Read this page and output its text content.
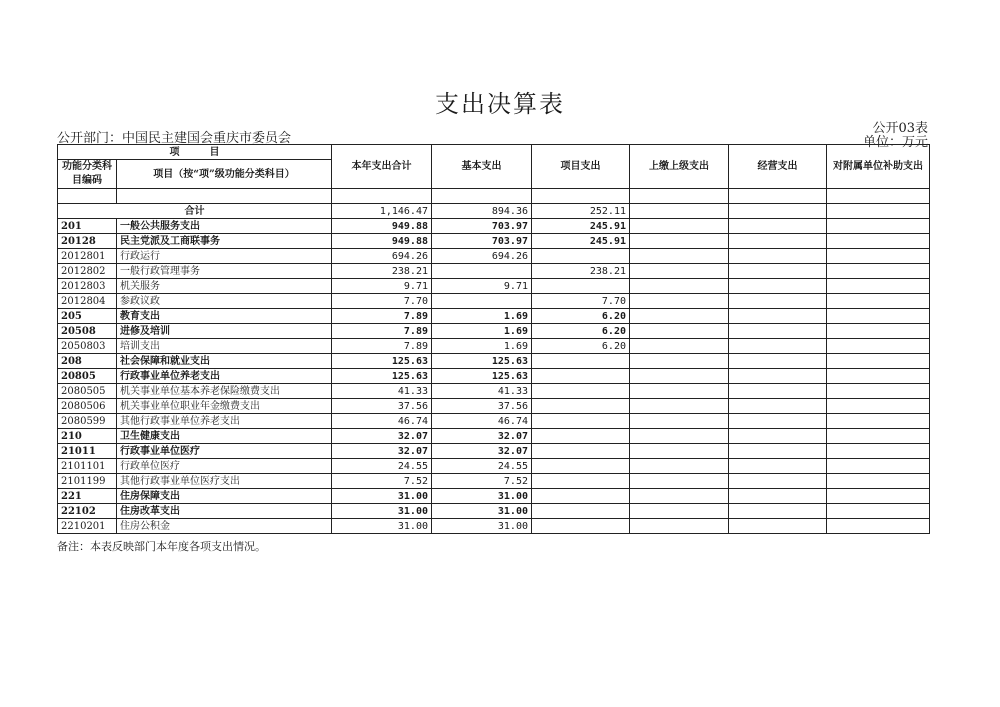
支出决算表
公开部门：中国民主建国会重庆市委员会
公开03表
单位：万元
项　　　目		本年支出合计	基本支出	项目支出	上缴上级支出	经营支出	对附属单位补助支出
功能分类科目编码	项目（按“项”级功能分类科目）						

合计		1,146.47	894.36	252.11			
201	一般公共服务支出	949.88	703.97	245.91			
20128	民主党派及工商联事务	949.88	703.97	245.91			
2012801	行政运行	694.26	694.26				
2012802	一般行政管理事务	238.21		238.21			
2012803	机关服务	9.71	9.71				
2012804	参政议政	7.70		7.70			
205	教育支出	7.89	1.69	6.20			
20508	进修及培训	7.89	1.69	6.20			
2050803	培训支出	7.89	1.69	6.20			
208	社会保障和就业支出	125.63	125.63				
20805	行政事业单位养老支出	125.63	125.63				
2080505	机关事业单位基本养老保险缴费支出	41.33	41.33				
2080506	机关事业单位职业年金缴费支出	37.56	37.56				
2080599	其他行政事业单位养老支出	46.74	46.74				
210	卫生健康支出	32.07	32.07				
21011	行政事业单位医疗	32.07	32.07				
2101101	行政单位医疗	24.55	24.55				
2101199	其他行政事业单位医疗支出	7.52	7.52				
221	住房保障支出	31.00	31.00				
22102	住房改革支出	31.00	31.00				
2210201	住房公积金	31.00	31.00				
备注：本表反映部门本年度各项支出情况。
